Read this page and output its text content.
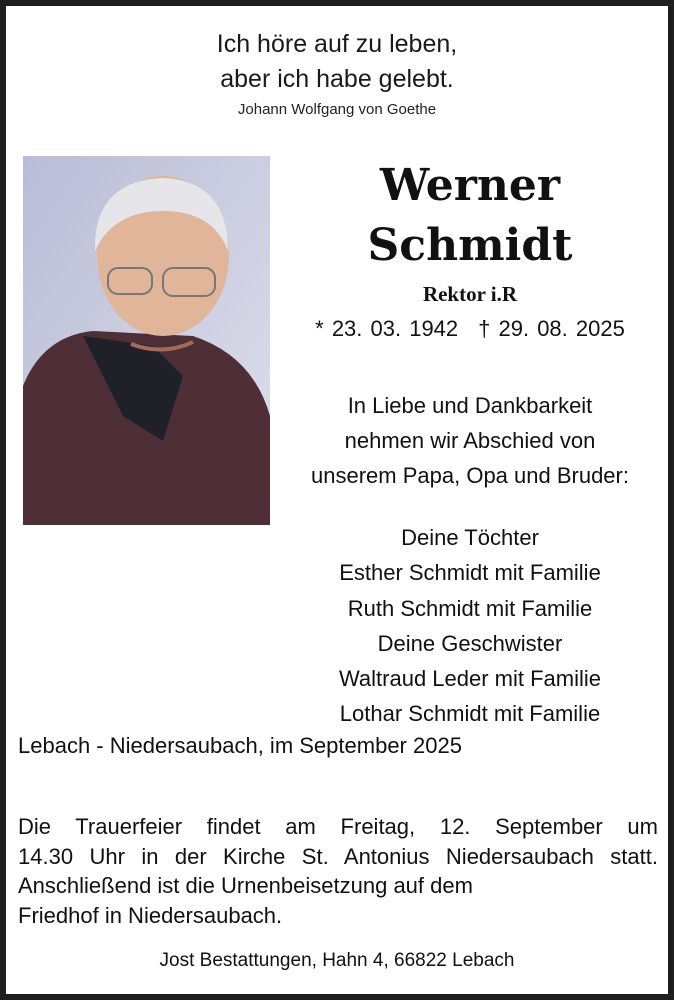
Ich höre auf zu leben,
aber ich habe gelebt.
Johann Wolfgang von Goethe
Werner
Schmidt
Rektor i.R
* 23. 03. 1942 † 29. 08. 2025
In Liebe und Dankbarkeit
nehmen wir Abschied von
unserem Papa, Opa und Bruder:
Deine Töchter
Esther Schmidt mit Familie
Ruth Schmidt mit Familie
Deine Geschwister
Waltraud Leder mit Familie
Lothar Schmidt mit Familie
Lebach - Niedersaubach, im September 2025
Die Trauerfeier findet am Freitag, 12. September um
14.30 Uhr in der Kirche St. Antonius Niedersaubach statt.
Anschließend ist die Urnenbeisetzung auf dem
Friedhof in Niedersaubach.
Jost Bestattungen, Hahn 4, 66822 Lebach
